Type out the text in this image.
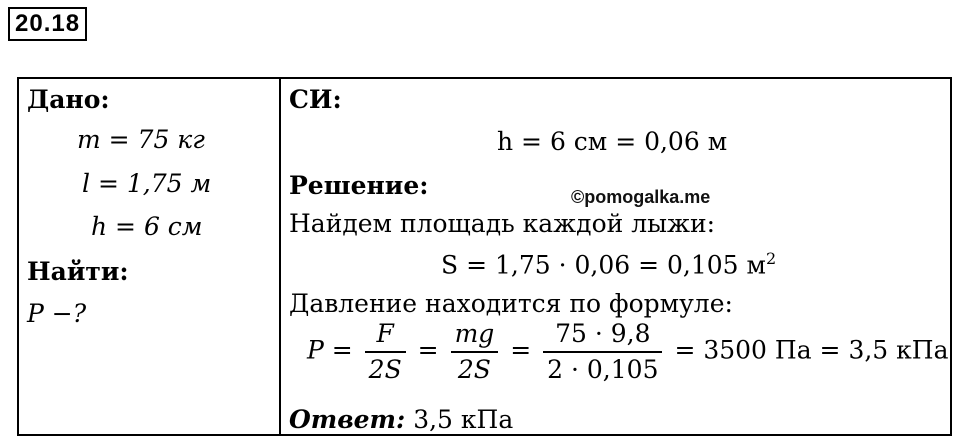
20.18
Дано:
m = 75 кг
l = 1,75 м
h = 6 см
Найти:
P −?
СИ:
h = 6 см = 0,06 м
Решение:	©pomogalka.me
Найдем площадь каждой лыжи:
S = 1,75 · 0,06 = 0,105 $м^2$
Давление находится по формуле:
$P = \frac{F}{2S} = \frac{mg}{2S} = \frac{75 \cdot 9,8}{2 \cdot 0,105} = 3500$ Па = 3,5 кПа
Ответ: 3,5 кПа
